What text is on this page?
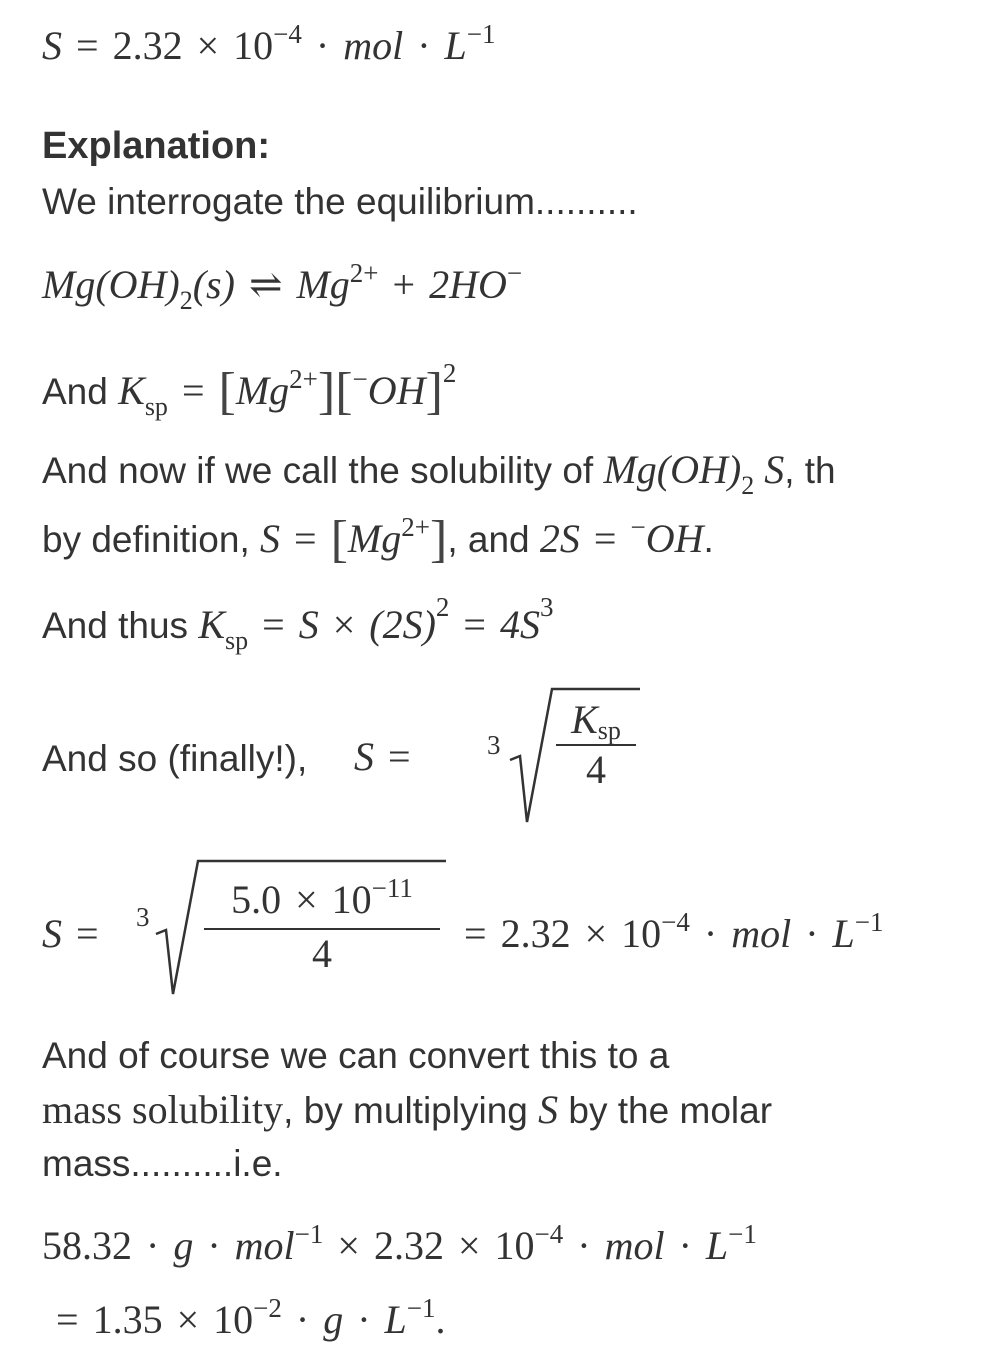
$S = 2.32 \times 10^{-4}$ · mol · $L^{-1}$
Explanation:
We interrogate the equilibrium..........
$Mg(OH)_2(s)$ ⇌ $Mg^{2+} + 2HO^-$
And $K_{sp} = [Mg^{2+}][^-OH]^2$
And now if we call the solubility of $Mg(OH)_2$ S, th
by definition, $S = [Mg^{2+}]$, and 2S = −OH.
And thus $K_{sp} = S \times (2S)^2 = 4S^3$
And so (finally!), S =	3
Ksp
4
S =	3	$5.0 \times 10^{-11}$
4	= $2.32 \times 10^{-4}$ · mol · $L^{-1}$
And of course we can convert this to a
mass solubility, by multiplying S by the molar
mass..........i.e.
$58.32 \cdot g \cdot mol^{-1} \times 2.32 \times 10^{-4}$ · mol · $L^{-1}$
= $1.35 \times 10^{-2} \cdot g \cdot L^{-1}$.
